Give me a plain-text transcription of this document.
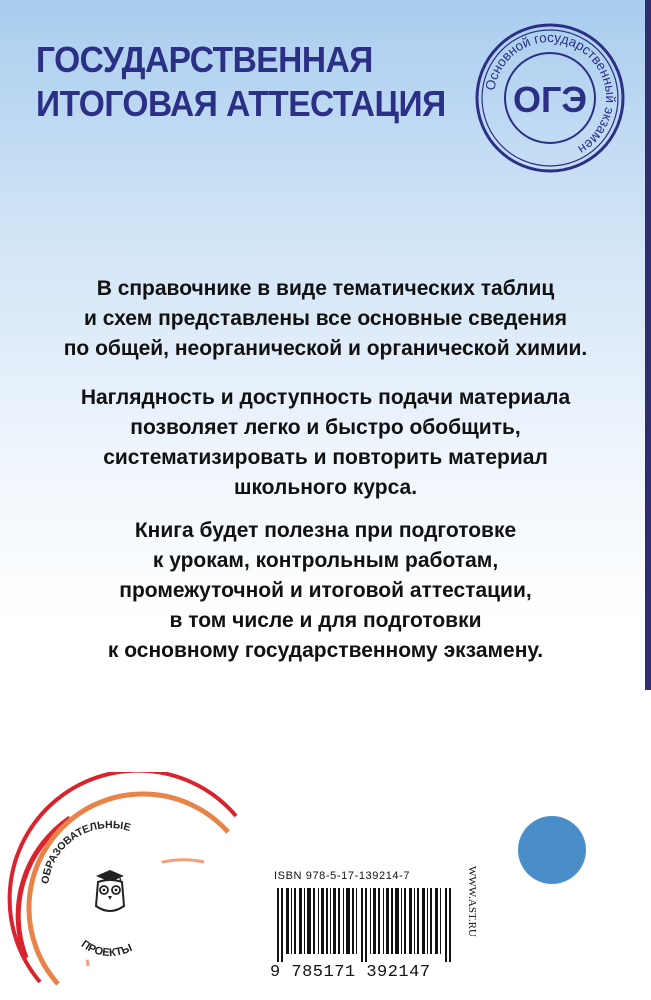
ГОСУДАРСТВЕННАЯ
ИТОГОВАЯ АТТЕСТАЦИЯ	Основной государственный экзамен
ОГЭ
В справочнике в виде тематических таблиц
и схем представлены все основные сведения
по общей, неорганической и органической химии.
Наглядность и доступность подачи материала
позволяет легко и быстро обобщить,
систематизировать и повторить материал
школьного курса.
Книга будет полезна при подготовке
к урокам, контрольным работам,
промежуточной и итоговой аттестации,
в том числе и для подготовки
к основному государственному экзамену.
ОБРАЗОВАТЕЛЬНЫЕ
ПРОЕКТЫ
ISBN 978-5-17-139214-7
9 785171 392147
WWW.AST.RU
